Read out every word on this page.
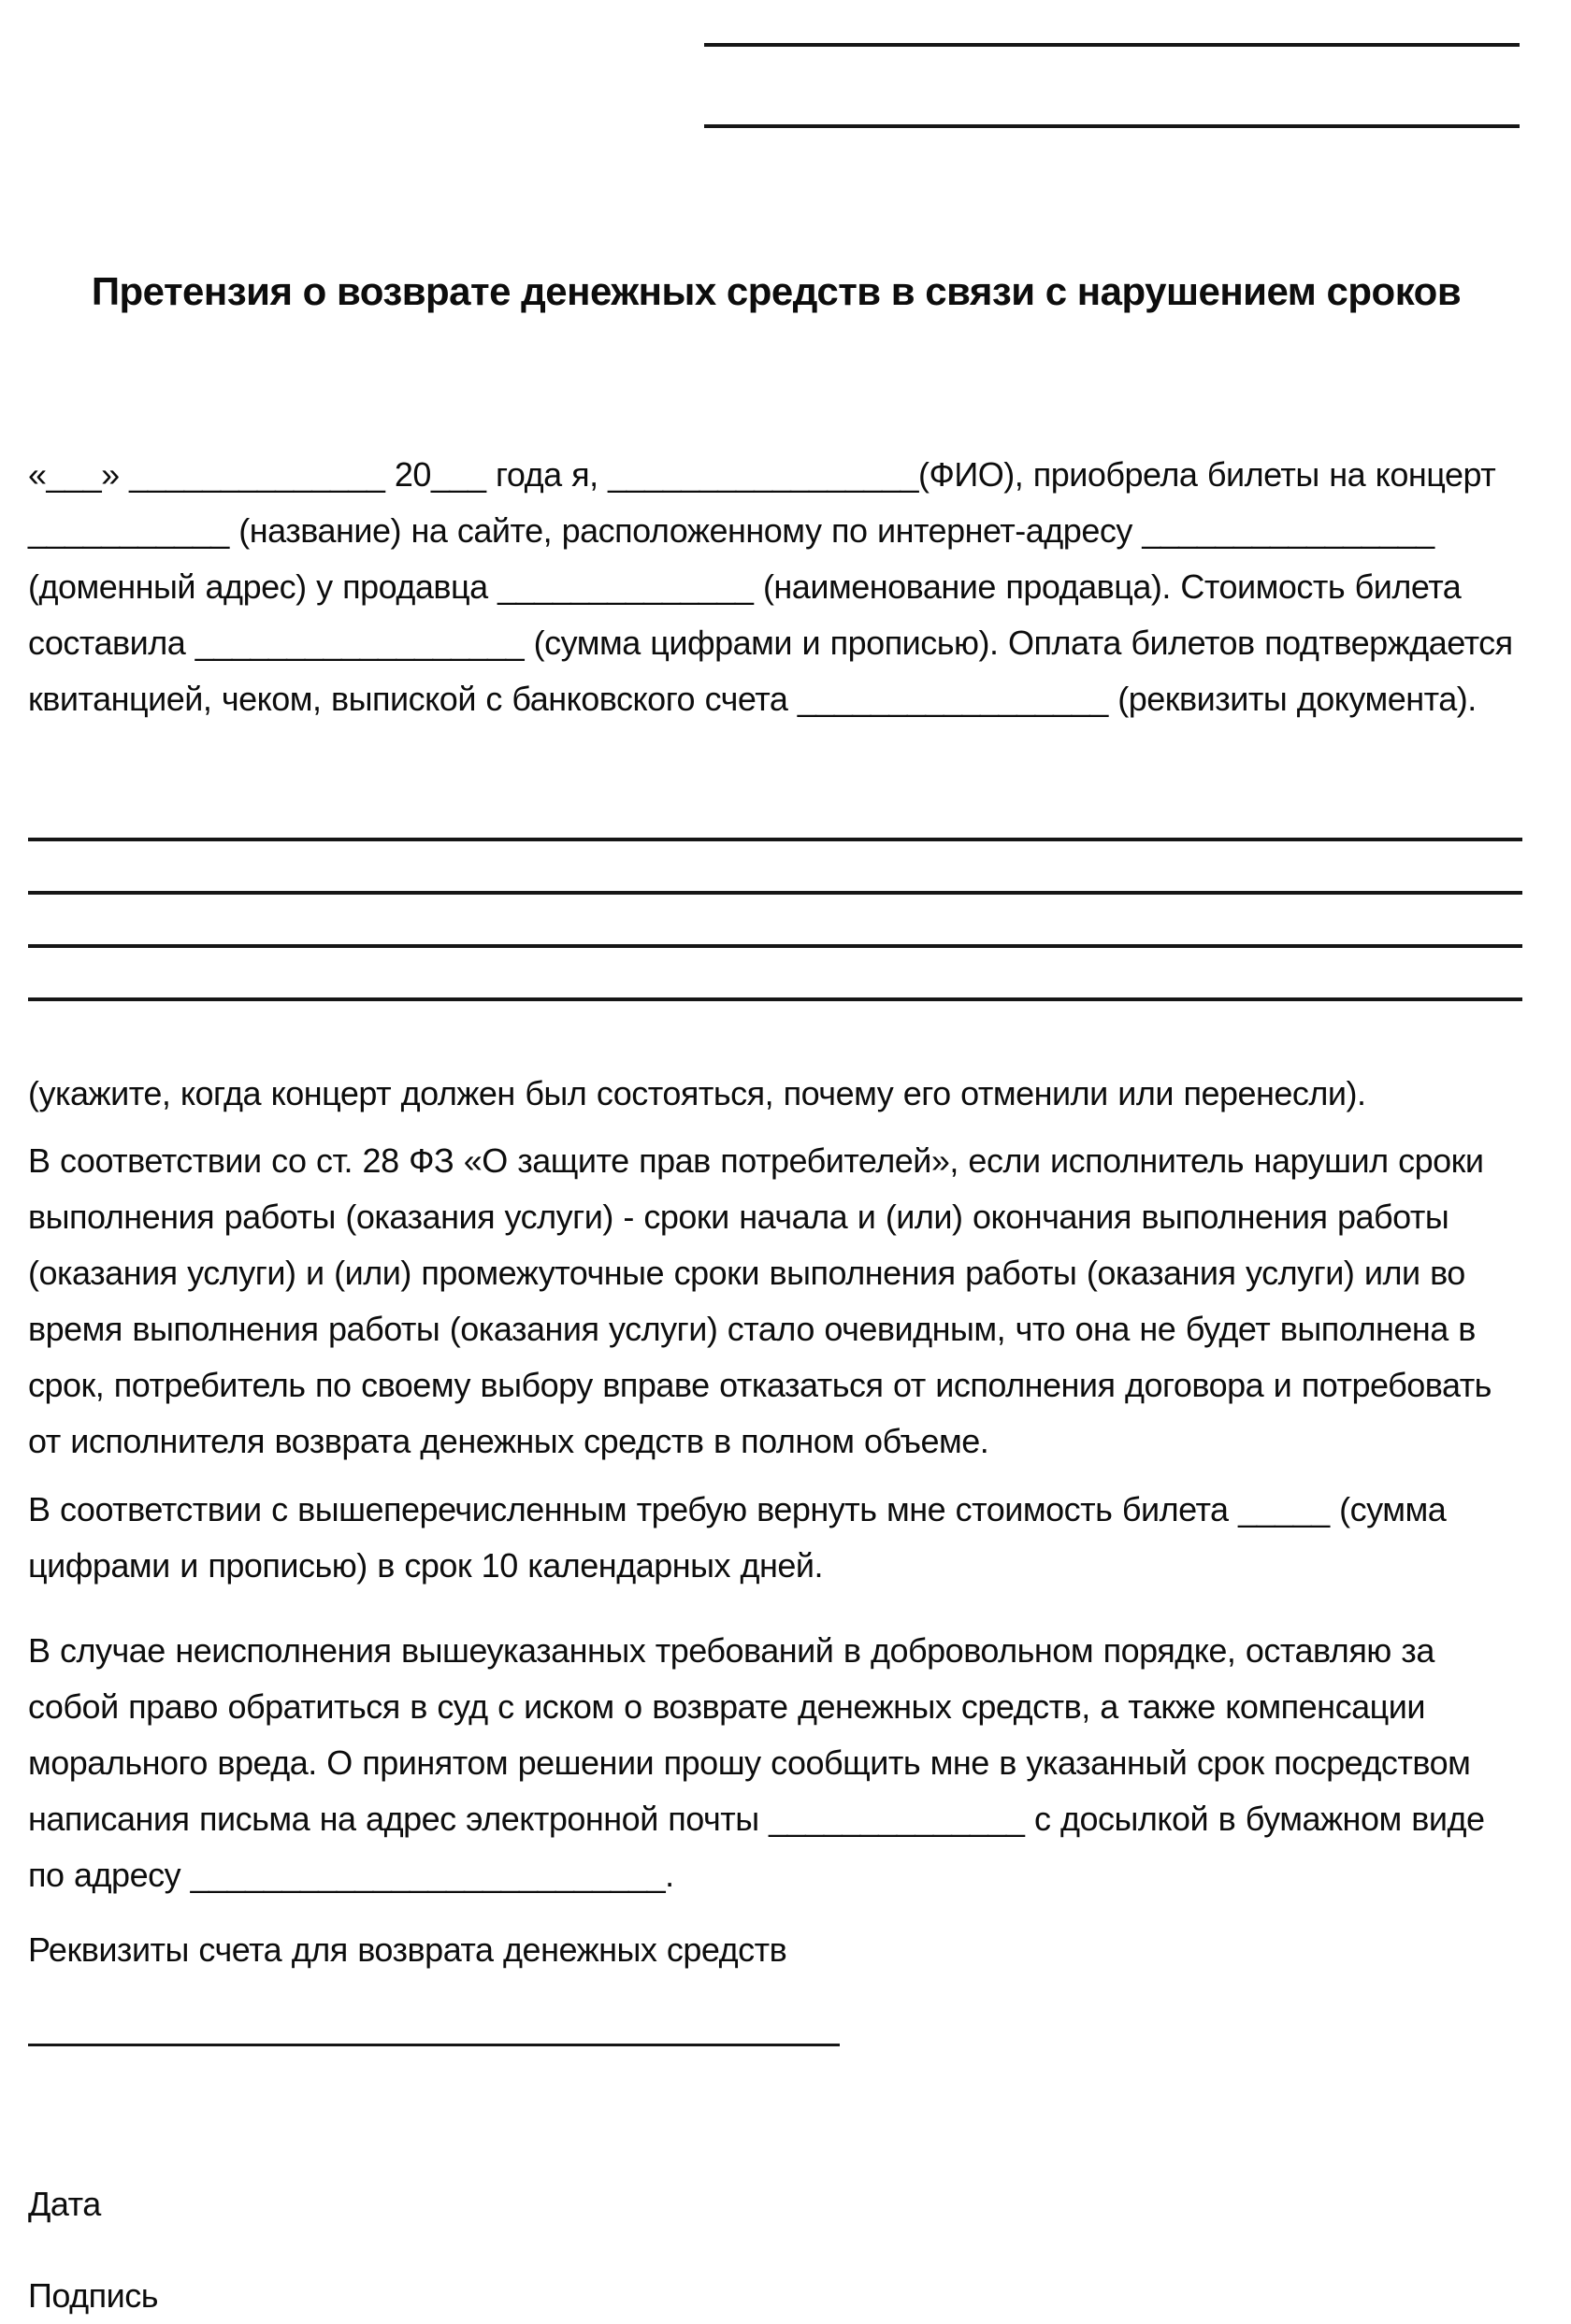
Претензия о возврате денежных средств в связи с нарушением сроков

«___» ______________ 20___ года я, _________________(ФИО), приобрела билеты на концерт ___________ (название) на сайте, расположенному по интернет-адресу ________________ (доменный адрес) у продавца ______________ (наименование продавца). Стоимость билета составила __________________ (сумма цифрами и прописью). Оплата билетов подтверждается квитанцией, чеком, выпиской с банковского счета _________________ (реквизиты документа).

(укажите, когда концерт должен был состояться, почему его отменили или перенесли).

В соответствии со ст. 28 ФЗ «О защите прав потребителей», если исполнитель нарушил сроки выполнения работы (оказания услуги) - сроки начала и (или) окончания выполнения работы (оказания услуги) и (или) промежуточные сроки выполнения работы (оказания услуги) или во время выполнения работы (оказания услуги) стало очевидным, что она не будет выполнена в срок, потребитель по своему выбору вправе отказаться от исполнения договора и потребовать от исполнителя возврата денежных средств в полном объеме.

В соответствии с вышеперечисленным требую вернуть мне стоимость билета _____ (сумма цифрами и прописью) в срок 10 календарных дней.

В случае неисполнения вышеуказанных требований в добровольном порядке, оставляю за собой право обратиться в суд с иском о возврате денежных средств, а также компенсации морального вреда. О принятом решении прошу сообщить мне в указанный срок посредством написания письма на адрес электронной почты ______________ с досылкой в бумажном виде по адресу __________________________.

Реквизиты счета для возврата денежных средств

Дата

Подпись
